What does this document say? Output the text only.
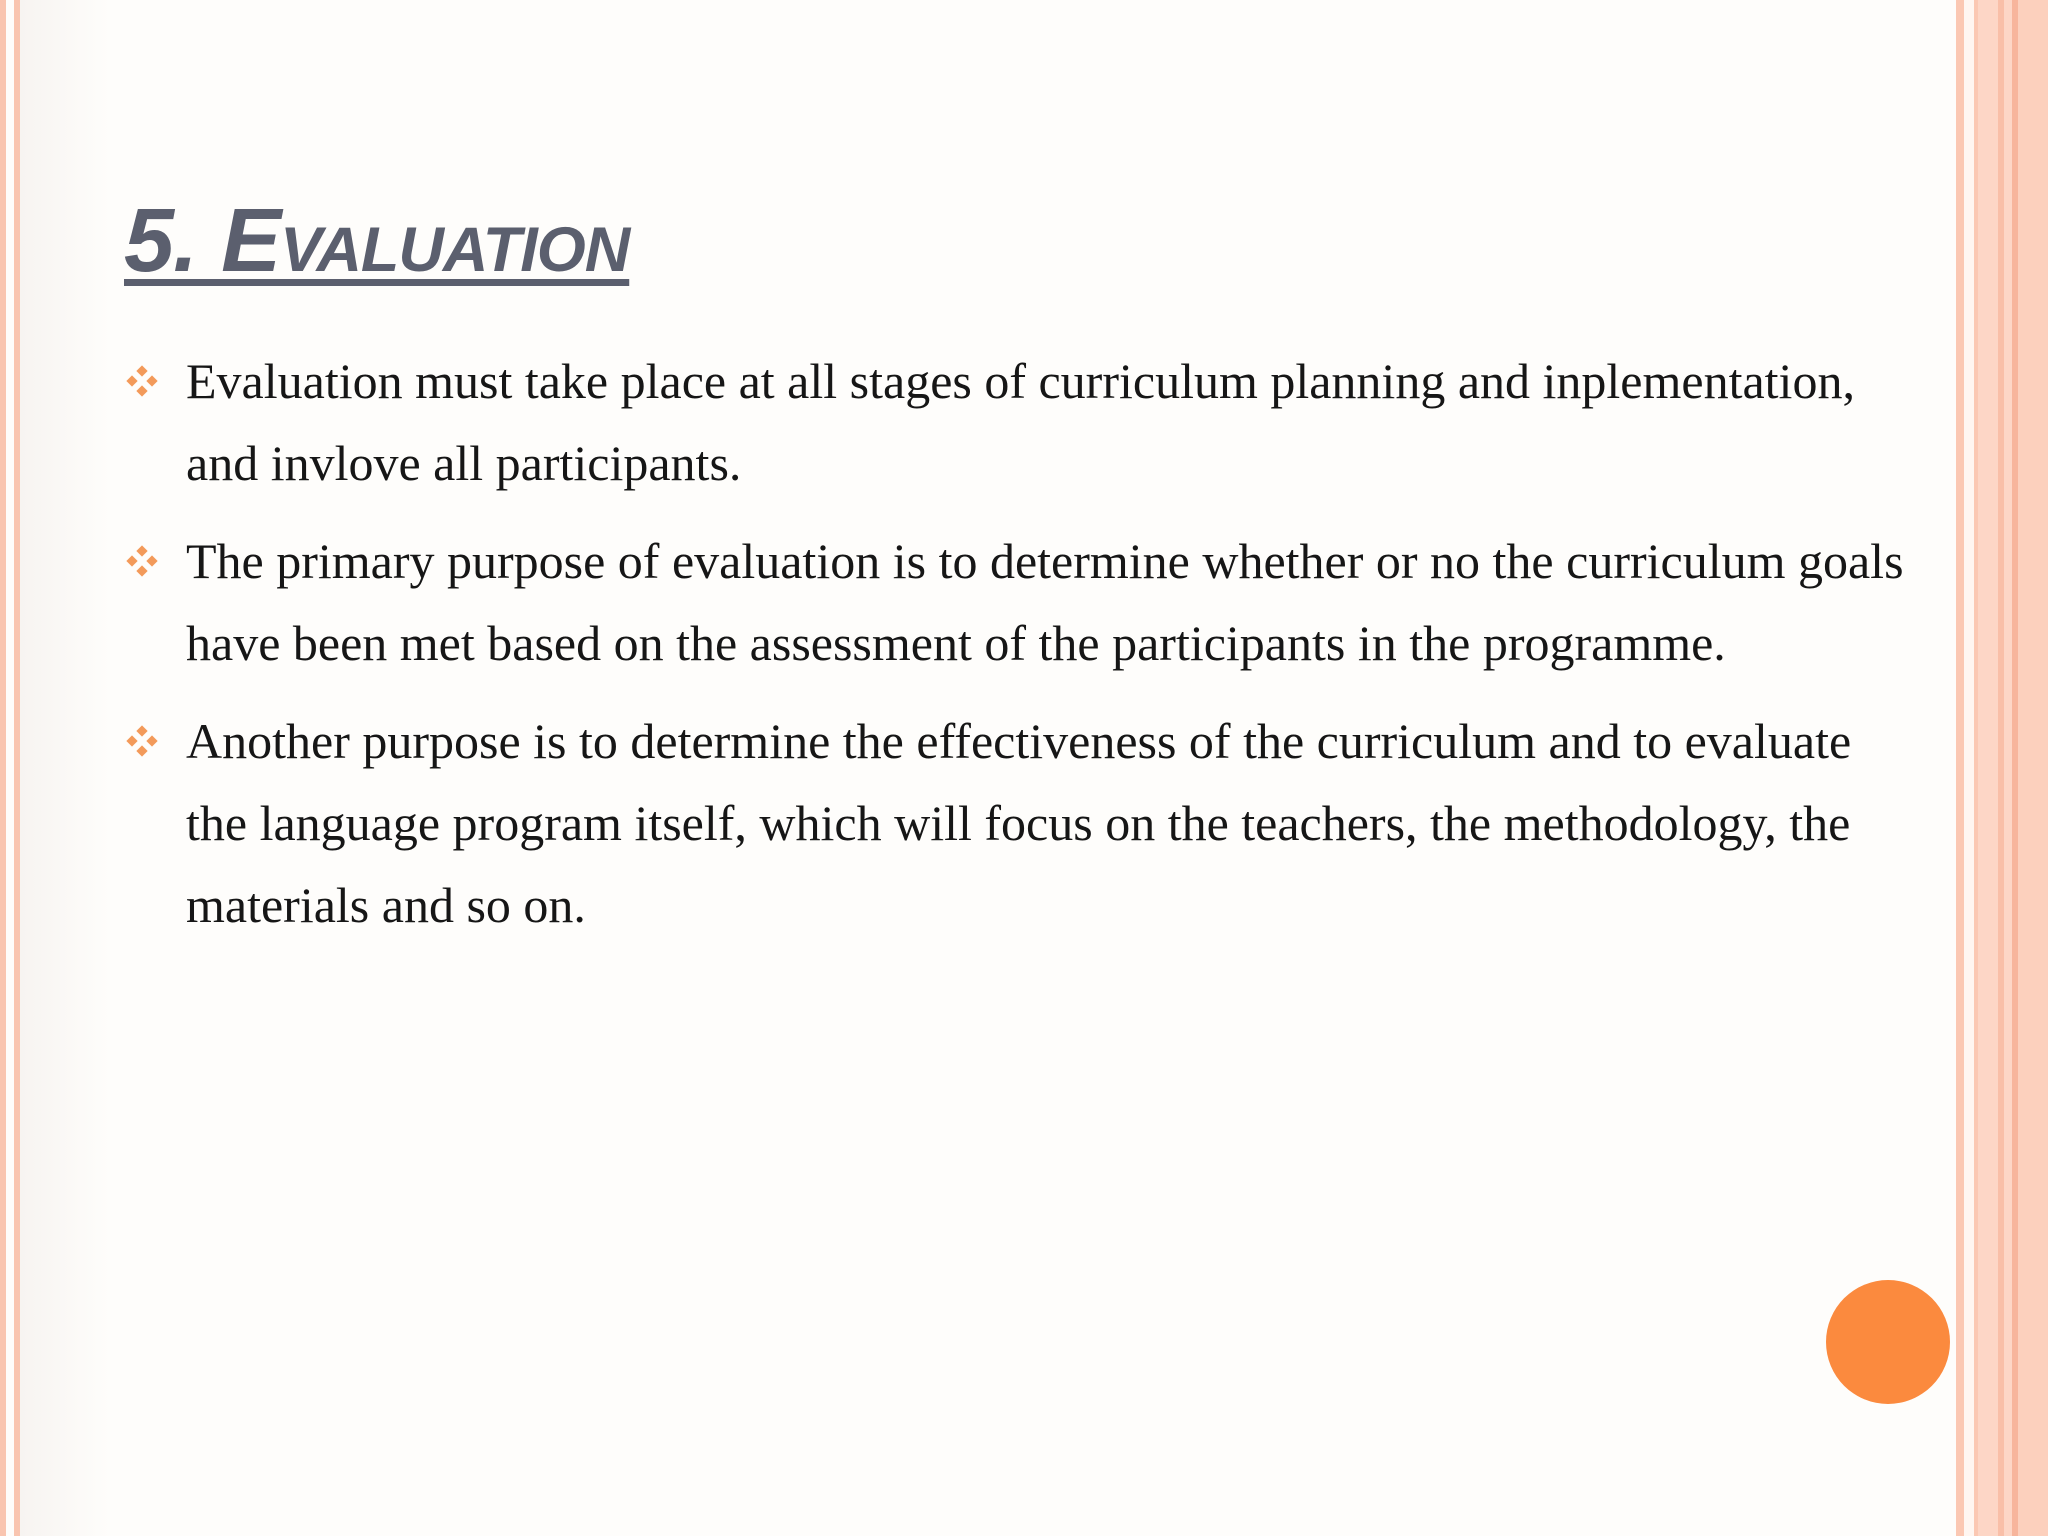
5. Evaluation
Evaluation must take place at all stages of curriculum planning and inplementation, and invlove all participants.
The primary purpose of evaluation is to determine whether or no the curriculum goals have been met based on the assessment of the participants in the programme.
Another purpose is to determine the effectiveness of the curriculum and to evaluate the language program itself, which will focus on the teachers, the methodology, the materials and so on.
